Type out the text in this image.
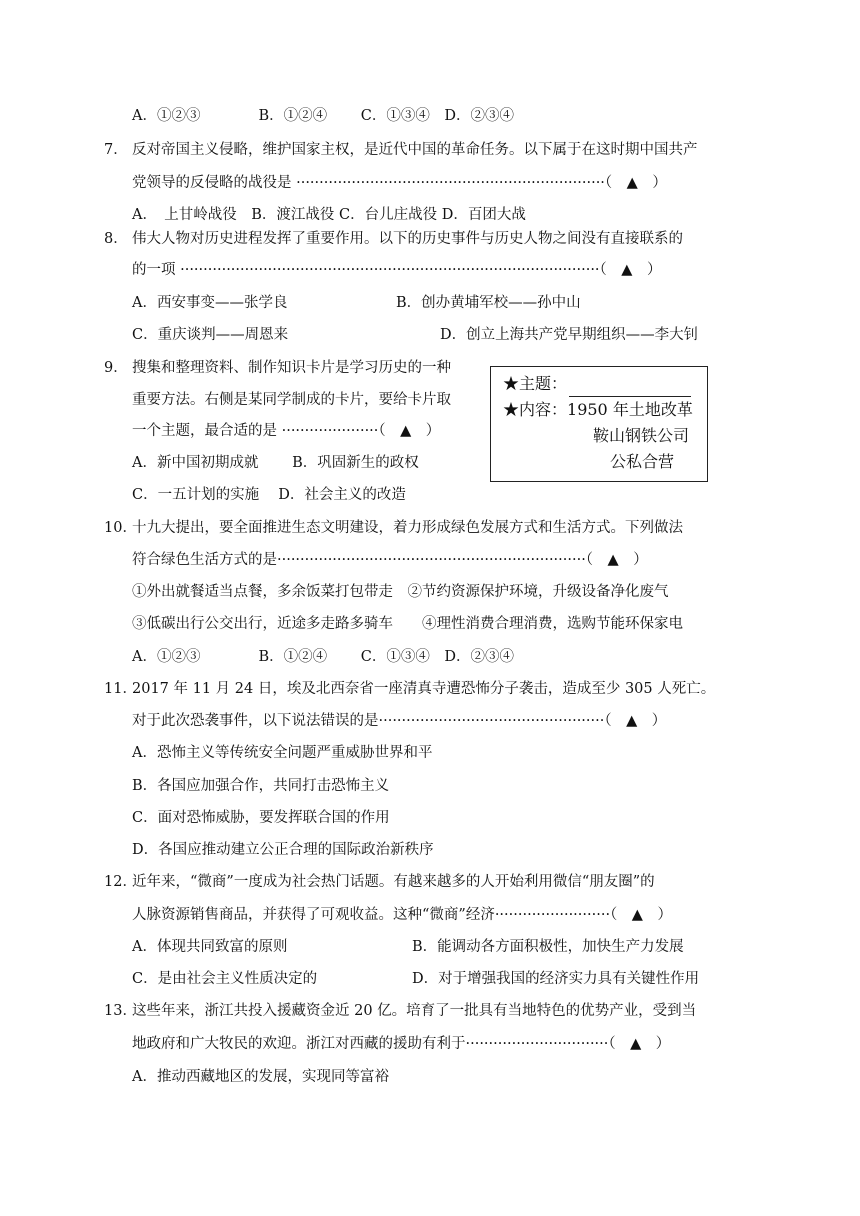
A．①②③　　　　B．①②④　　 C．①③④　D．②③④
7． 反对帝国主义侵略，维护国家主权，是近代中国的革命任务。以下属于在这时期中国共产
党领导的反侵略的战役是 ···································································（　▲　）
A．　上甘岭战役　B．渡江战役 C．台儿庄战役 D．百团大战
8． 伟大人物对历史进程发挥了重要作用。以下的历史事件与历史人物之间没有直接联系的
的一项 ···························································································（　▲　）
A．西安事变——张学良	B．创办黄埔军校——孙中山
C．重庆谈判——周恩来	D．创立上海共产党早期组织——李大钊
9． 搜集和整理资料、制作知识卡片是学习历史的一种
重要方法。右侧是某同学制成的卡片，要给卡片取
一个主题，最合适的是 ·····················（　▲　）
A．新中国初期成就　　 B．巩固新生的政权
C．一五计划的实施　 D．社会主义的改造
★主题：
★内容：1950 年土地改革
鞍山钢铁公司
公私合营
10．十九大提出，要全面推进生态文明建设，着力形成绿色发展方式和生活方式。下列做法
符合绿色生活方式的是···································································（　▲　）
①外出就餐适当点餐，多余饭菜打包带走　②节约资源保护环境，升级设备净化废气
③低碳出行公交出行，近途多走路多骑车　　④理性消费合理消费，选购节能环保家电
A．①②③　　　　B．①②④　　 C．①③④　D．②③④
11．2017 年 11 月 24 日，埃及北西奈省一座清真寺遭恐怖分子袭击，造成至少 305 人死亡。
对于此次恐袭事件，以下说法错误的是·················································（　▲　）
A．恐怖主义等传统安全问题严重威胁世界和平
B．各国应加强合作，共同打击恐怖主义
C．面对恐怖威胁，要发挥联合国的作用
D．各国应推动建立公正合理的国际政治新秩序
12．近年来，“微商”一度成为社会热门话题。有越来越多的人开始利用微信“朋友圈”的
人脉资源销售商品，并获得了可观收益。这种“微商”经济·························（　▲　）
A．体现共同致富的原则	B．能调动各方面积极性，加快生产力发展
C．是由社会主义性质决定的	D．对于增强我国的经济实力具有关键性作用
13．这些年来，浙江共投入援藏资金近 20 亿。培育了一批具有当地特色的优势产业，受到当
地政府和广大牧民的欢迎。浙江对西藏的援助有利于·······························（　▲　）
A．推动西藏地区的发展，实现同等富裕
